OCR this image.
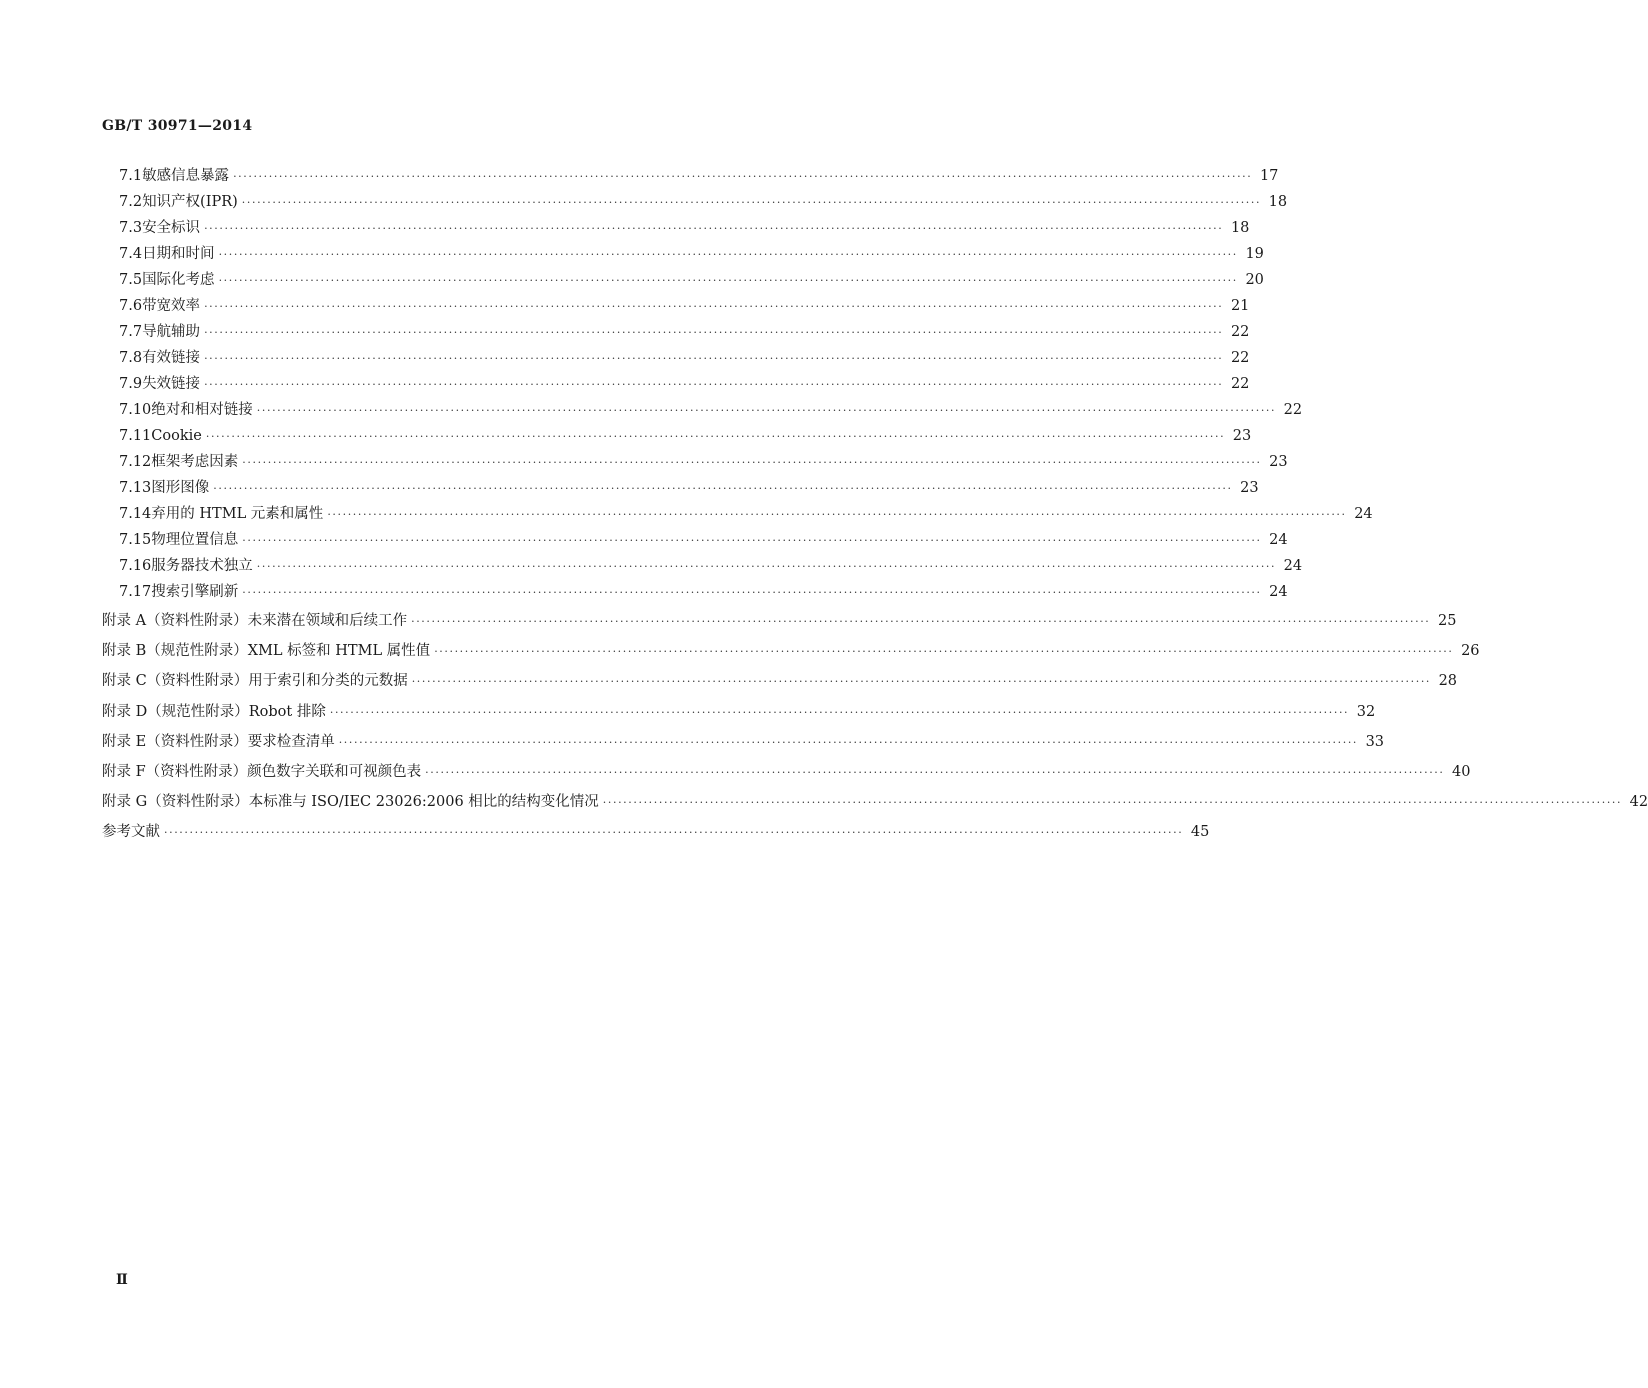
GB/T 30971—2014
7.1 敏感信息暴露 ········································································································································································································ 17
7.2 知识产权(IPR) ········································································································································································································ 18
7.3 安全标识 ········································································································································································································ 18
7.4 日期和时间 ········································································································································································································ 19
7.5 国际化考虑 ········································································································································································································ 20
7.6 带宽效率 ········································································································································································································ 21
7.7 导航辅助 ········································································································································································································ 22
7.8 有效链接 ········································································································································································································ 22
7.9 失效链接 ········································································································································································································ 22
7.10 绝对和相对链接 ········································································································································································································ 22
7.11 Cookie ········································································································································································································ 23
7.12 框架考虑因素 ········································································································································································································ 23
7.13 图形图像 ········································································································································································································ 23
7.14 弃用的 HTML 元素和属性 ········································································································································································································ 24
7.15 物理位置信息 ········································································································································································································ 24
7.16 服务器技术独立 ········································································································································································································ 24
7.17 搜索引擎刷新 ········································································································································································································ 24
附录 A（资料性附录） 未来潜在领域和后续工作 ········································································································································································································ 25
附录 B（规范性附录） XML 标签和 HTML 属性值 ········································································································································································································ 26
附录 C（资料性附录） 用于索引和分类的元数据 ········································································································································································································ 28
附录 D（规范性附录） Robot 排除 ········································································································································································································ 32
附录 E（资料性附录） 要求检查清单 ········································································································································································································ 33
附录 F（资料性附录） 颜色数字关联和可视颜色表 ········································································································································································································ 40
附录 G（资料性附录） 本标准与 ISO/IEC 23026:2006 相比的结构变化情况 ········································································································································································································ 42
参考文献 ········································································································································································································ 45
Ⅱ
